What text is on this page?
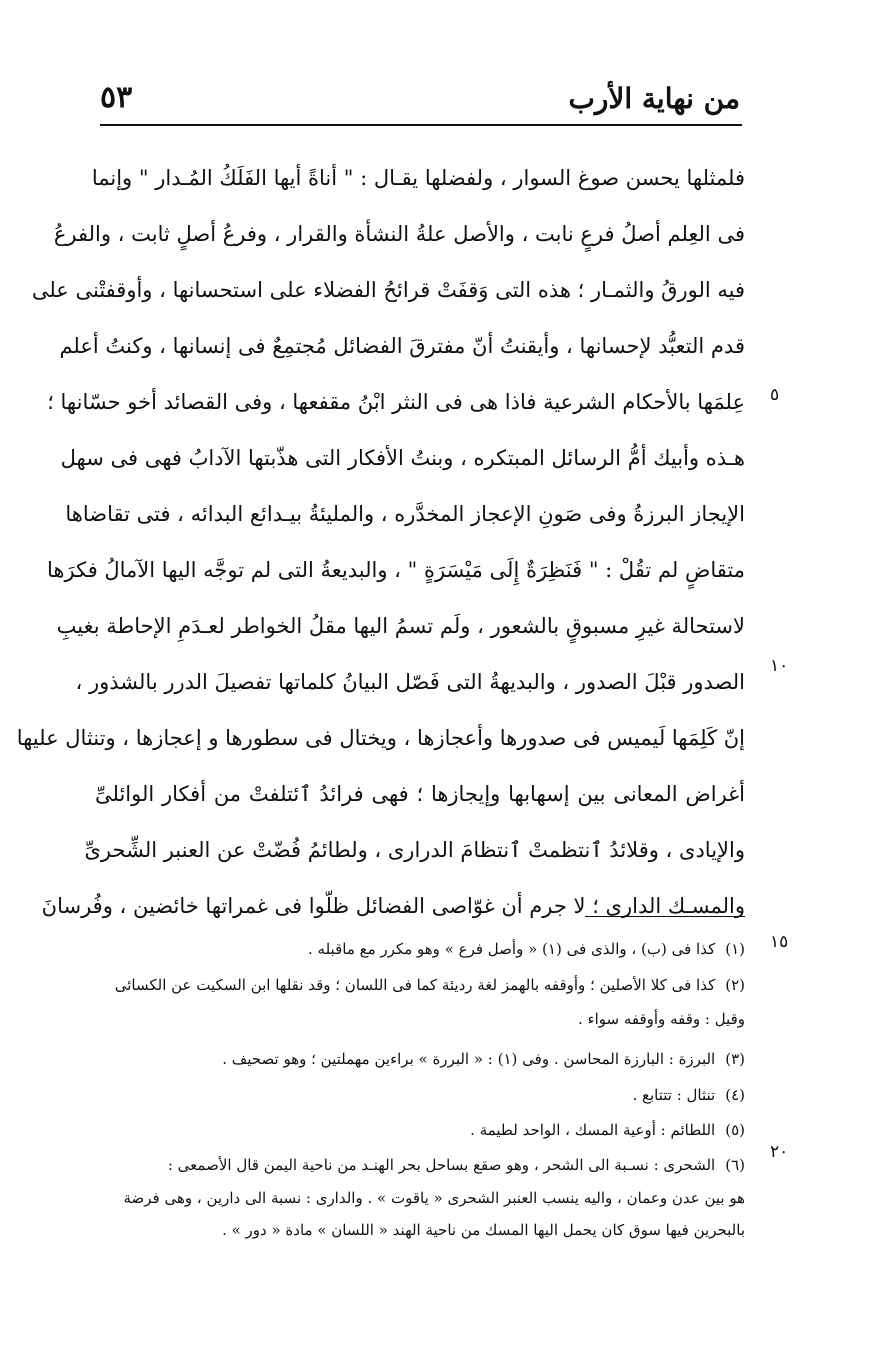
من نهاية الأرب
٥٣
فلمثلها يحسن صوغ السوار ، ولفضلها يقـال : " أناةً أيها الفَلَكُ المُـدار " وإنما
فى العِلم أصلُ فرعٍ نابت ، والأصل علةُ النشأة والقرار ، وفرعُ أصلٍ ثابت ، والفرعُ
فيه الورقُ والثمـار ؛ هذه التى وَقفَتْ قرائحُ الفضلاء على استحسانها ، وأوقفتْنى على
قدم التعبُّد لإحسانها ، وأيقنتُ أنّ مفترقَ الفضائل مُجتمِعٌ فى إنسانها ، وكنتُ أعلم
عِلمَها بالأحكام الشرعية فاذا هى فى النثر ابْنُ مقفعها ، وفى القصائد أخو حسّانها ؛
هـذه وأبيك أمُّ الرسائل المبتكره ، وبنتُ الأفكار التى هذّبتها الآدابُ فهى فى سهل
الإيجاز البرزةُ وفى صَونِ الإعجاز المخدَّره ، والمليئةُ بيـدائع البدائه ، فتى تقاضاها
متقاضٍ لم تقُلْ : " فَنَظِرَةٌ إِلَى مَيْسَرَةٍ " ، والبديعةُ التى لم توجَّه اليها الآمالُ فكرَها
لاستحالة غيرِ مسبوقٍ بالشعور ، ولَم تسمُ اليها مقلُ الخواطر لعـدَمِ الإحاطة بغيبِ
الصدور قبْلَ الصدور ، والبديهةُ التى فَصّل البيانُ كلماتها تفصيلَ الدرر بالشذور ،
إنّ كَلِمَها لَيميس فى صدورها وأعجازها ، ويختال فى سطورها و إعجازها ، وتنثال عليها
أغراض المعانى بين إسهابها وإيجازها ؛ فهى فرائدُ ٱئتلفتْ من أفكار الوائلىِّ
والإيادى ، وقلائدُ ٱنتظمتْ ٱنتظامَ الدرارى ، ولطائمُ فُضّتْ عن العنبر الشِّحرىِّ
والمسـك الدارى ؛ لا جرم أن غوّاصى الفضائل ظلّوا فى غمراتها خائضين ، وفُرسانَ
٥
١٠
١٥
٢٠
(١)كذا فى (ب) ، والذى فى (١) « وأصل فرع » وهو مكرر مع ماقبله .
(٢)كذا فى كلا الأصلين ؛ وأوقفه بالهمز لغة رديئة كما فى اللسان ؛ وقد نقلها ابن السكيت عن الكسائى
وقيل : وقفه وأوقفه سواء .
(٣)البرزة : البارزة المحاسن . وفى (١) : « البررة » براءين مهملتين ؛ وهو تصحيف .
(٤)تنثال : تتتابع .
(٥)اللطائم : أوعية المسك ، الواحد لطيمة .
(٦)الشحرى : نسـبة الى الشحر ، وهو صقع بساحل بحر الهنـد من ناحية اليمن قال الأصمعى :
هو بين عدن وعمان ، واليه ينسب العنبر الشحرى « ياقوت » . والدارى : نسبة الى دارين ، وهى فرضة
بالبحرين فيها سوق كان يحمل اليها المسك من ناحية الهند « اللسان » مادة « دور » .
